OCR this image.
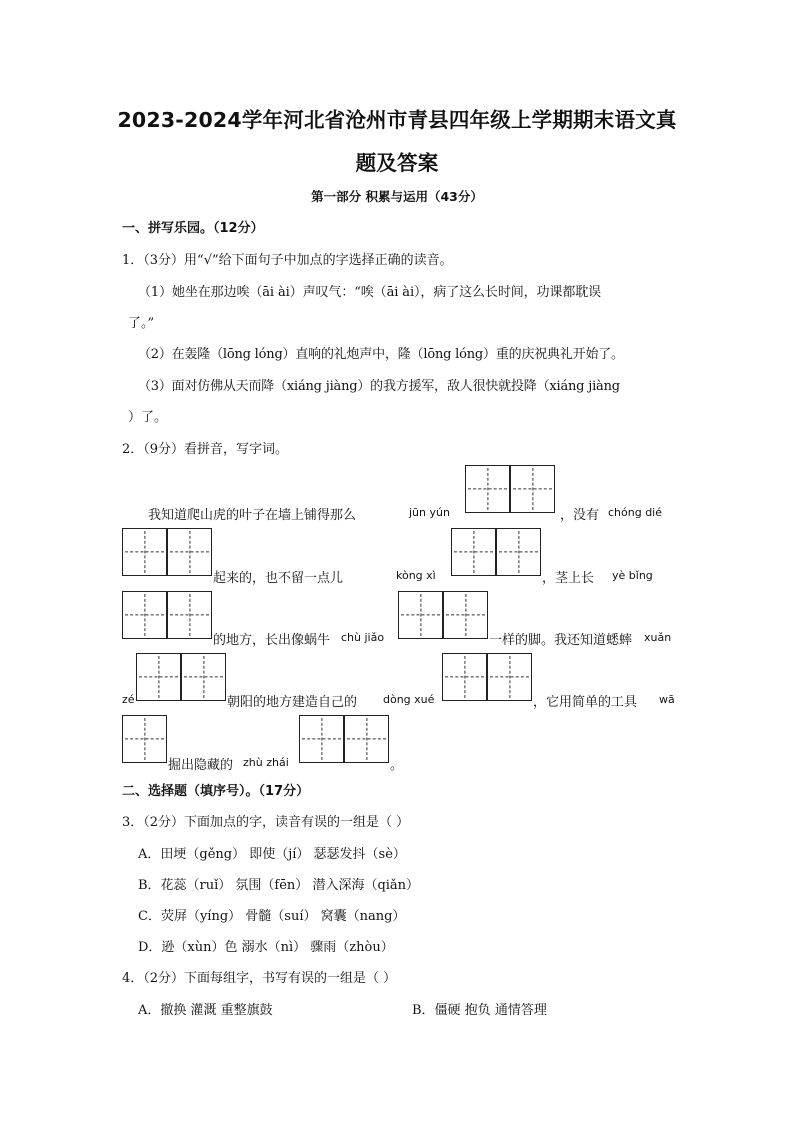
2023-2024学年河北省沧州市青县四年级上学期期末语文真
题及答案
第一部分 积累与运用（43分）
一、拼写乐园。（12分）
1．（3分）用“√”给下面句子中加点的字选择正确的读音。
（1）她坐在那边唉（āi ài）声叹气：“唉（āi ài），病了这么长时间，功课都耽误
了。”
（2）在轰隆（lōng lóng）直响的礼炮声中，隆（lōng lóng）重的庆祝典礼开始了。
（3）面对仿佛从天而降（xiáng jiàng）的我方援军，敌人很快就投降（xiáng jiàng
）了。
2．（9分）看拼音，写字词。
我知道爬山虎的叶子在墙上铺得那么	jūn yún	，没有 chóng dié
起来的，也不留一点儿	kòng xì	，茎上长 yè bǐng
的地方，长出像蜗牛 chù jiǎo	一样的脚。我还知道蟋蟀 xuǎn
zé	朝阳的地方建造自己的 dòng xué	，它用简单的工具 wā
掘出隐藏的 zhù zhái	。
二、选择题（填序号）。（17分）
3．（2分）下面加点的字，读音有误的一组是（ ）
A．田埂（gěng） 即使（jí） 瑟瑟发抖（sè）
B．花蕊（ruǐ） 氛围（fēn） 潜入深海（qiǎn）
C．荧屏（yíng） 骨髓（suí） 窝囊（nang）
D．逊（xùn）色 溺水（nì） 骤雨（zhòu）
4．（2分）下面每组字，书写有误的一组是（ ）
A．撤换 灌溉 重整旗鼓	B．僵硬 抱负 通情答理
